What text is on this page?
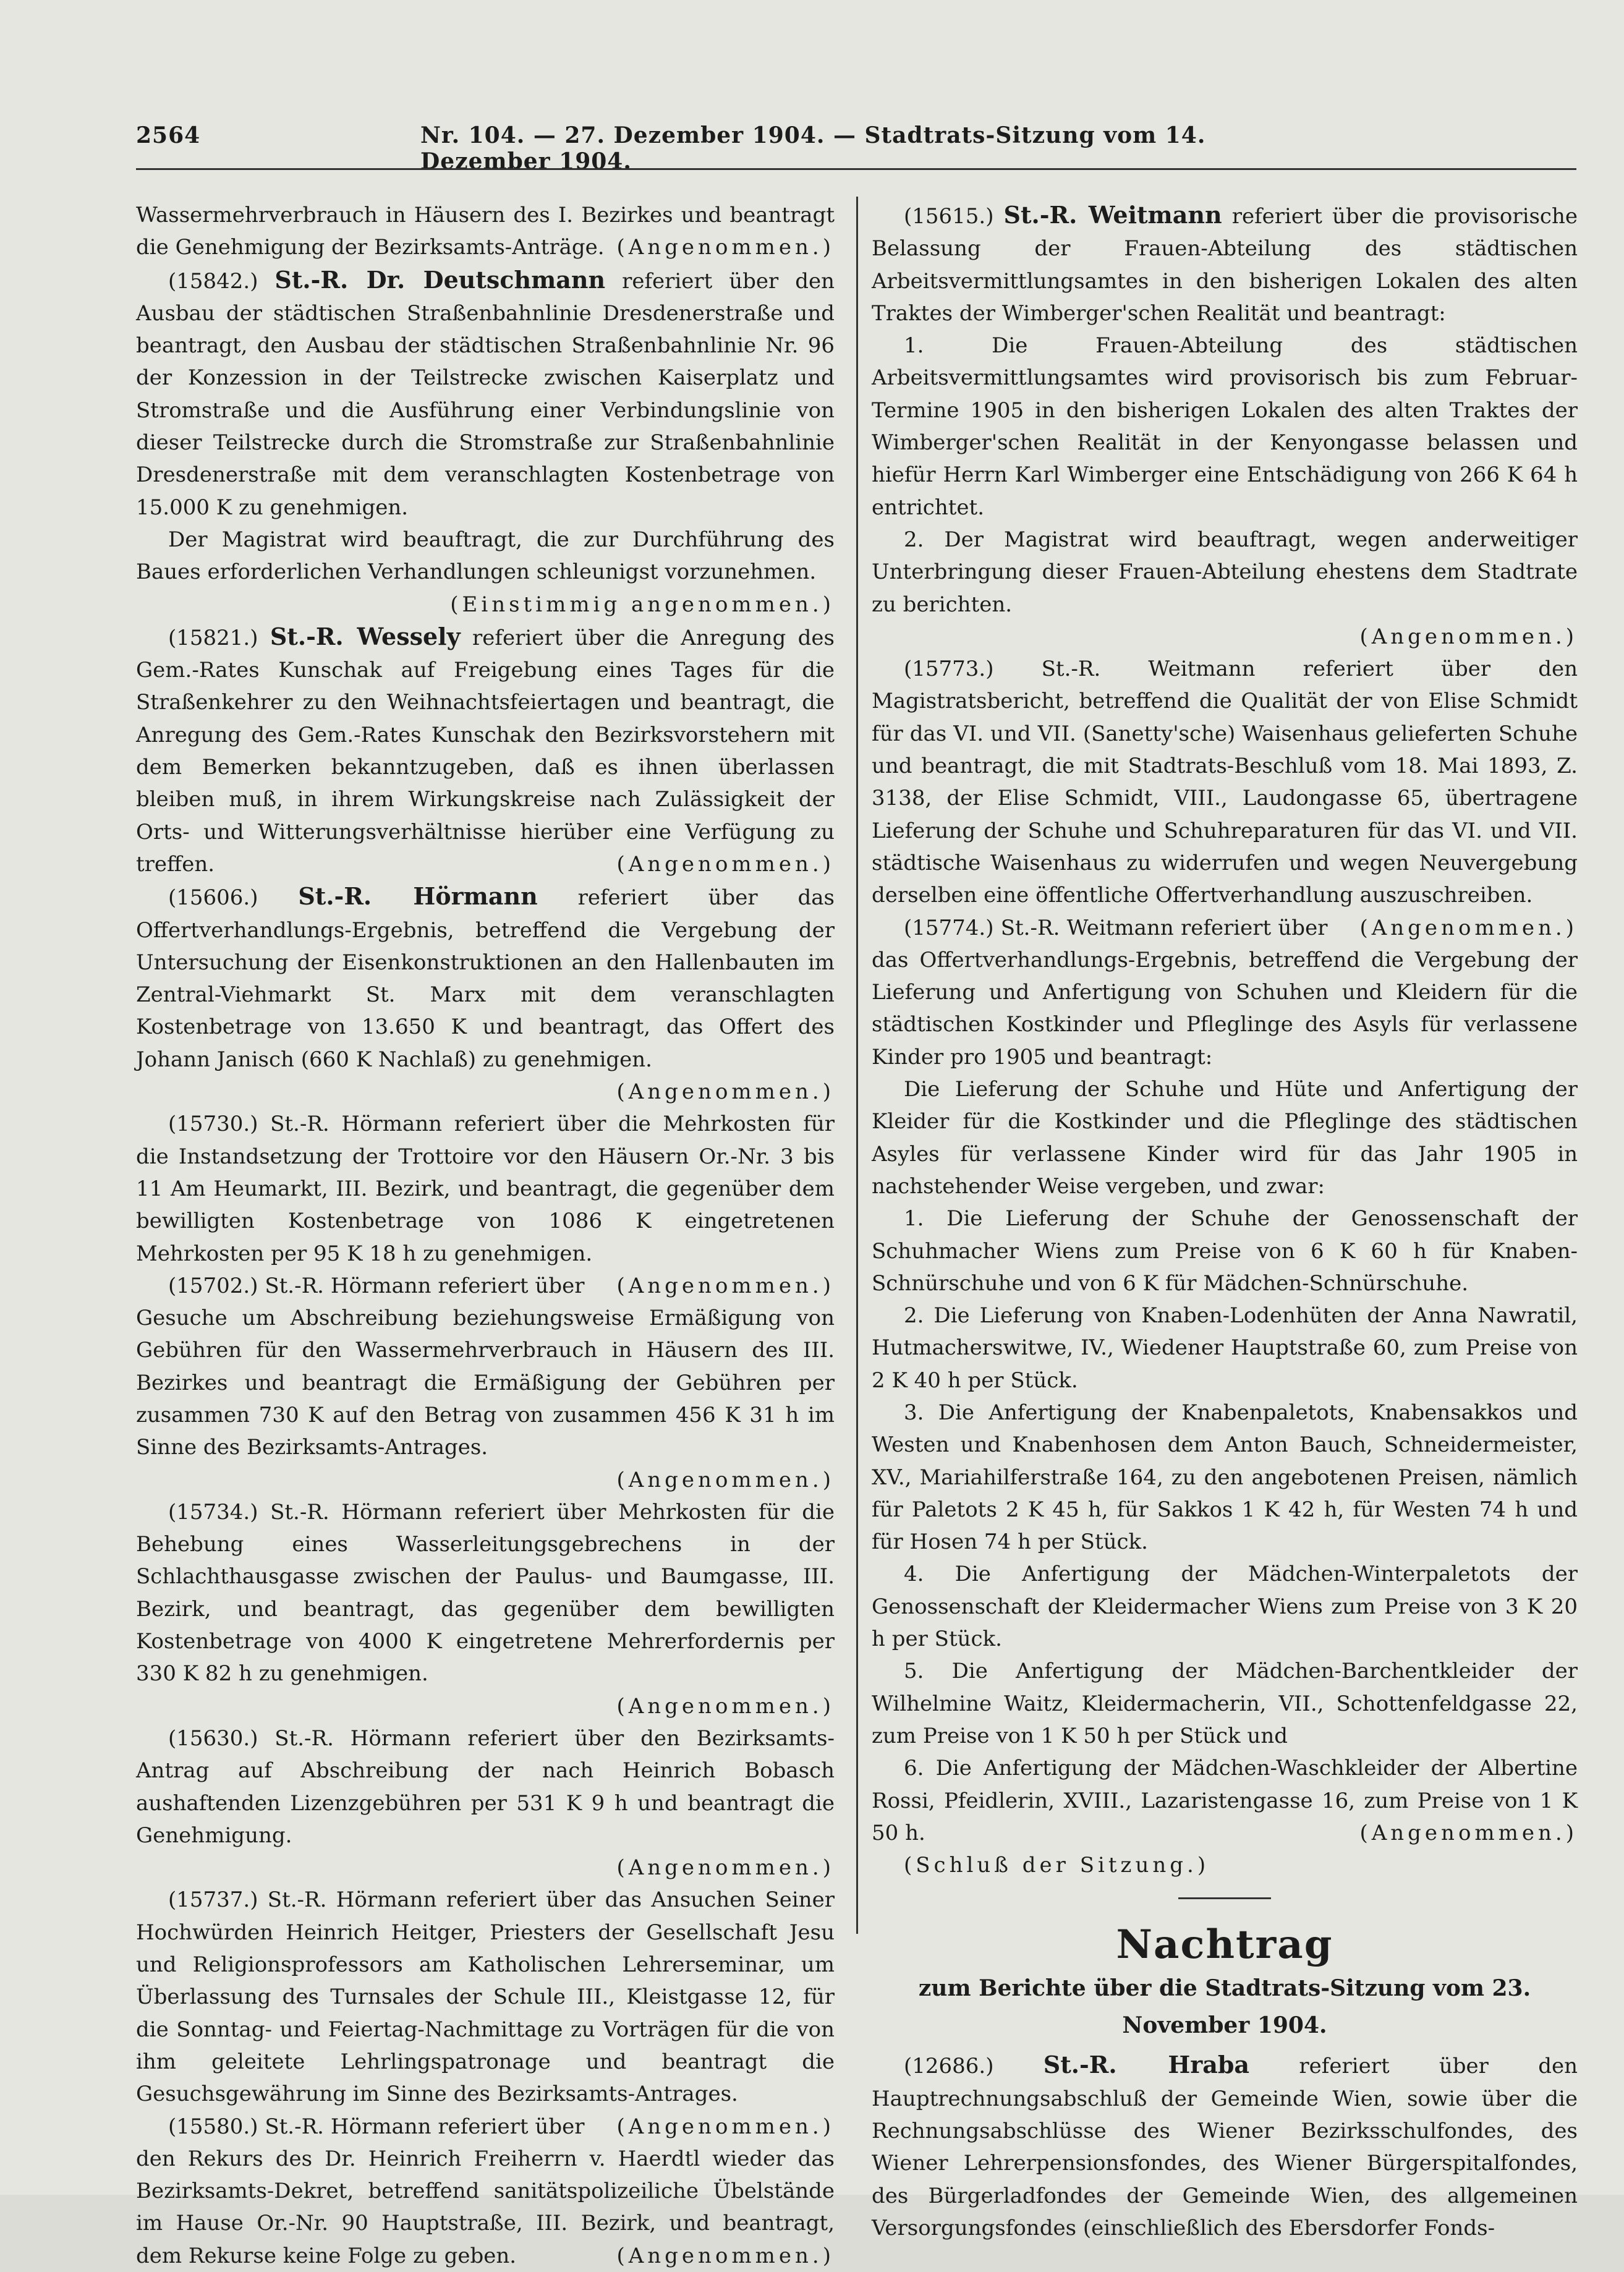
2564	Nr. 104. — 27. Dezember 1904. — Stadtrats-Sitzung vom 14. Dezember 1904.

Wassermehrverbrauch in Häusern des I. Bezirkes und beantragt die Genehmigung der Bezirksamts-Anträge. (Angenommen.)

(15842.) St.-R. Dr. Deutschmann referiert über den Ausbau der städtischen Straßenbahnlinie Dresdenerstraße und beantragt, den Ausbau der städtischen Straßenbahnlinie Nr. 96 der Konzession in der Teilstrecke zwischen Kaiserplatz und Stromstraße und die Ausführung einer Verbindungslinie von dieser Teilstrecke durch die Stromstraße zur Straßenbahnlinie Dresdenerstraße mit dem veranschlagten Kostenbetrage von 15.000 K zu genehmigen.

Der Magistrat wird beauftragt, die zur Durchführung des Baues erforderlichen Verhandlungen schleunigst vorzunehmen.

(Einstimmig angenommen.)

(15821.) St.-R. Wessely referiert über die Anregung des Gem.-Rates Kunschak auf Freigebung eines Tages für die Straßenkehrer zu den Weihnachtsfeiertagen und beantragt, die Anregung des Gem.-Rates Kunschak den Bezirksvorstehern mit dem Bemerken bekanntzugeben, daß es ihnen überlassen bleiben muß, in ihrem Wirkungskreise nach Zulässigkeit der Orts- und Witterungsverhältnisse hierüber eine Verfügung zu treffen.	(Angenommen.)

(15606.) St.-R. Hörmann referiert über das Offertverhandlungs-Ergebnis, betreffend die Vergebung der Untersuchung der Eisenkonstruktionen an den Hallenbauten im Zentral-Viehmarkt St. Marx mit dem veranschlagten Kostenbetrage von 13.650 K und beantragt, das Offert des Johann Janisch (660 K Nachlaß) zu genehmigen.

(Angenommen.)

(15730.) St.-R. Hörmann referiert über die Mehrkosten für die Instandsetzung der Trottoire vor den Häusern Or.-Nr. 3 bis 11 Am Heumarkt, III. Bezirk, und beantragt, die gegenüber dem bewilligten Kostenbetrage von 1086 K eingetretenen Mehrkosten per 95 K 18 h zu genehmigen.
(Angenommen.)

(15702.) St.-R. Hörmann referiert über Gesuche um Abschreibung beziehungsweise Ermäßigung von Gebühren für den Wassermehrverbrauch in Häusern des III. Bezirkes und beantragt die Ermäßigung der Gebühren per zusammen 730 K auf den Betrag von zusammen 456 K 31 h im Sinne des Bezirksamts-Antrages.

(Angenommen.)

(15734.) St.-R. Hörmann referiert über Mehrkosten für die Behebung eines Wasserleitungsgebrechens in der Schlachthausgasse zwischen der Paulus- und Baumgasse, III. Bezirk, und beantragt, das gegenüber dem bewilligten Kostenbetrage von 4000 K eingetretene Mehrerfordernis per 330 K 82 h zu genehmigen.

(Angenommen.)

(15630.) St.-R. Hörmann referiert über den Bezirksamts-Antrag auf Abschreibung der nach Heinrich Bobasch aushaftenden Lizenzgebühren per 531 K 9 h und beantragt die Genehmigung.

(Angenommen.)

(15737.) St.-R. Hörmann referiert über das Ansuchen Seiner Hochwürden Heinrich Heitger, Priesters der Gesellschaft Jesu und Religionsprofessors am Katholischen Lehrerseminar, um Überlassung des Turnsales der Schule III., Kleistgasse 12, für die Sonntag- und Feiertag-Nachmittage zu Vorträgen für die von ihm geleitete Lehrlingspatronage und beantragt die Gesuchsgewährung im Sinne des Bezirksamts-Antrages.
(Angenommen.)

(15580.) St.-R. Hörmann referiert über den Rekurs des Dr. Heinrich Freiherrn v. Haerdtl wieder das Bezirksamts-Dekret, betreffend sanitätspolizeiliche Übelstände im Hause Or.-Nr. 90 Hauptstraße, III. Bezirk, und beantragt, dem Rekurse keine Folge zu geben.	(Angenommen.)

(15615.) St.-R. Weitmann referiert über die provisorische Belassung der Frauen-Abteilung des städtischen Arbeitsvermittlungsamtes in den bisherigen Lokalen des alten Traktes der Wimberger'schen Realität und beantragt:

1. Die Frauen-Abteilung des städtischen Arbeitsvermittlungsamtes wird provisorisch bis zum Februar-Termine 1905 in den bisherigen Lokalen des alten Traktes der Wimberger'schen Realität in der Kenyongasse belassen und hiefür Herrn Karl Wimberger eine Entschädigung von 266 K 64 h entrichtet.

2. Der Magistrat wird beauftragt, wegen anderweitiger Unterbringung dieser Frauen-Abteilung ehestens dem Stadtrate zu berichten.

(Angenommen.)

(15773.) St.-R. Weitmann referiert über den Magistratsbericht, betreffend die Qualität der von Elise Schmidt für das VI. und VII. (Sanetty'sche) Waisenhaus gelieferten Schuhe und beantragt, die mit Stadtrats-Beschluß vom 18. Mai 1893, Z. 3138, der Elise Schmidt, VIII., Laudongasse 65, übertragene Lieferung der Schuhe und Schuhreparaturen für das VI. und VII. städtische Waisenhaus zu widerrufen und wegen Neuvergebung derselben eine öffentliche Offertverhandlung auszuschreiben.
(Angenommen.)

(15774.) St.-R. Weitmann referiert über das Offertverhandlungs-Ergebnis, betreffend die Vergebung der Lieferung und Anfertigung von Schuhen und Kleidern für die städtischen Kostkinder und Pfleglinge des Asyls für verlassene Kinder pro 1905 und beantragt:

Die Lieferung der Schuhe und Hüte und Anfertigung der Kleider für die Kostkinder und die Pfleglinge des städtischen Asyles für verlassene Kinder wird für das Jahr 1905 in nachstehender Weise vergeben, und zwar:

1. Die Lieferung der Schuhe der Genossenschaft der Schuhmacher Wiens zum Preise von 6 K 60 h für Knaben-Schnürschuhe und von 6 K für Mädchen-Schnürschuhe.

2. Die Lieferung von Knaben-Lodenhüten der Anna Nawratil, Hutmacherswitwe, IV., Wiedener Hauptstraße 60, zum Preise von 2 K 40 h per Stück.

3. Die Anfertigung der Knabenpaletots, Knabensakkos und Westen und Knabenhosen dem Anton Bauch, Schneidermeister, XV., Mariahilferstraße 164, zu den angebotenen Preisen, nämlich für Paletots 2 K 45 h, für Sakkos 1 K 42 h, für Westen 74 h und für Hosen 74 h per Stück.

4. Die Anfertigung der Mädchen-Winterpaletots der Genossenschaft der Kleidermacher Wiens zum Preise von 3 K 20 h per Stück.

5. Die Anfertigung der Mädchen-Barchentkleider der Wilhelmine Waitz, Kleidermacherin, VII., Schottenfeldgasse 22, zum Preise von 1 K 50 h per Stück und

6. Die Anfertigung der Mädchen-Waschkleider der Albertine Rossi, Pfeidlerin, XVIII., Lazaristengasse 16, zum Preise von 1 K 50 h.	(Angenommen.)

(Schluß der Sitzung.)

Nachtrag
zum Berichte über die Stadtrats-Sitzung vom 23. November 1904.

(12686.) St.-R. Hraba referiert über den Hauptrechnungsabschluß der Gemeinde Wien, sowie über die Rechnungsabschlüsse des Wiener Bezirksschulfondes, des Wiener Lehrerpensionsfondes, des Wiener Bürgerspitalfondes, des Bürgerladfondes der Gemeinde Wien, des allgemeinen Versorgungsfondes (einschließlich des Ebersdorfer Fonds-
